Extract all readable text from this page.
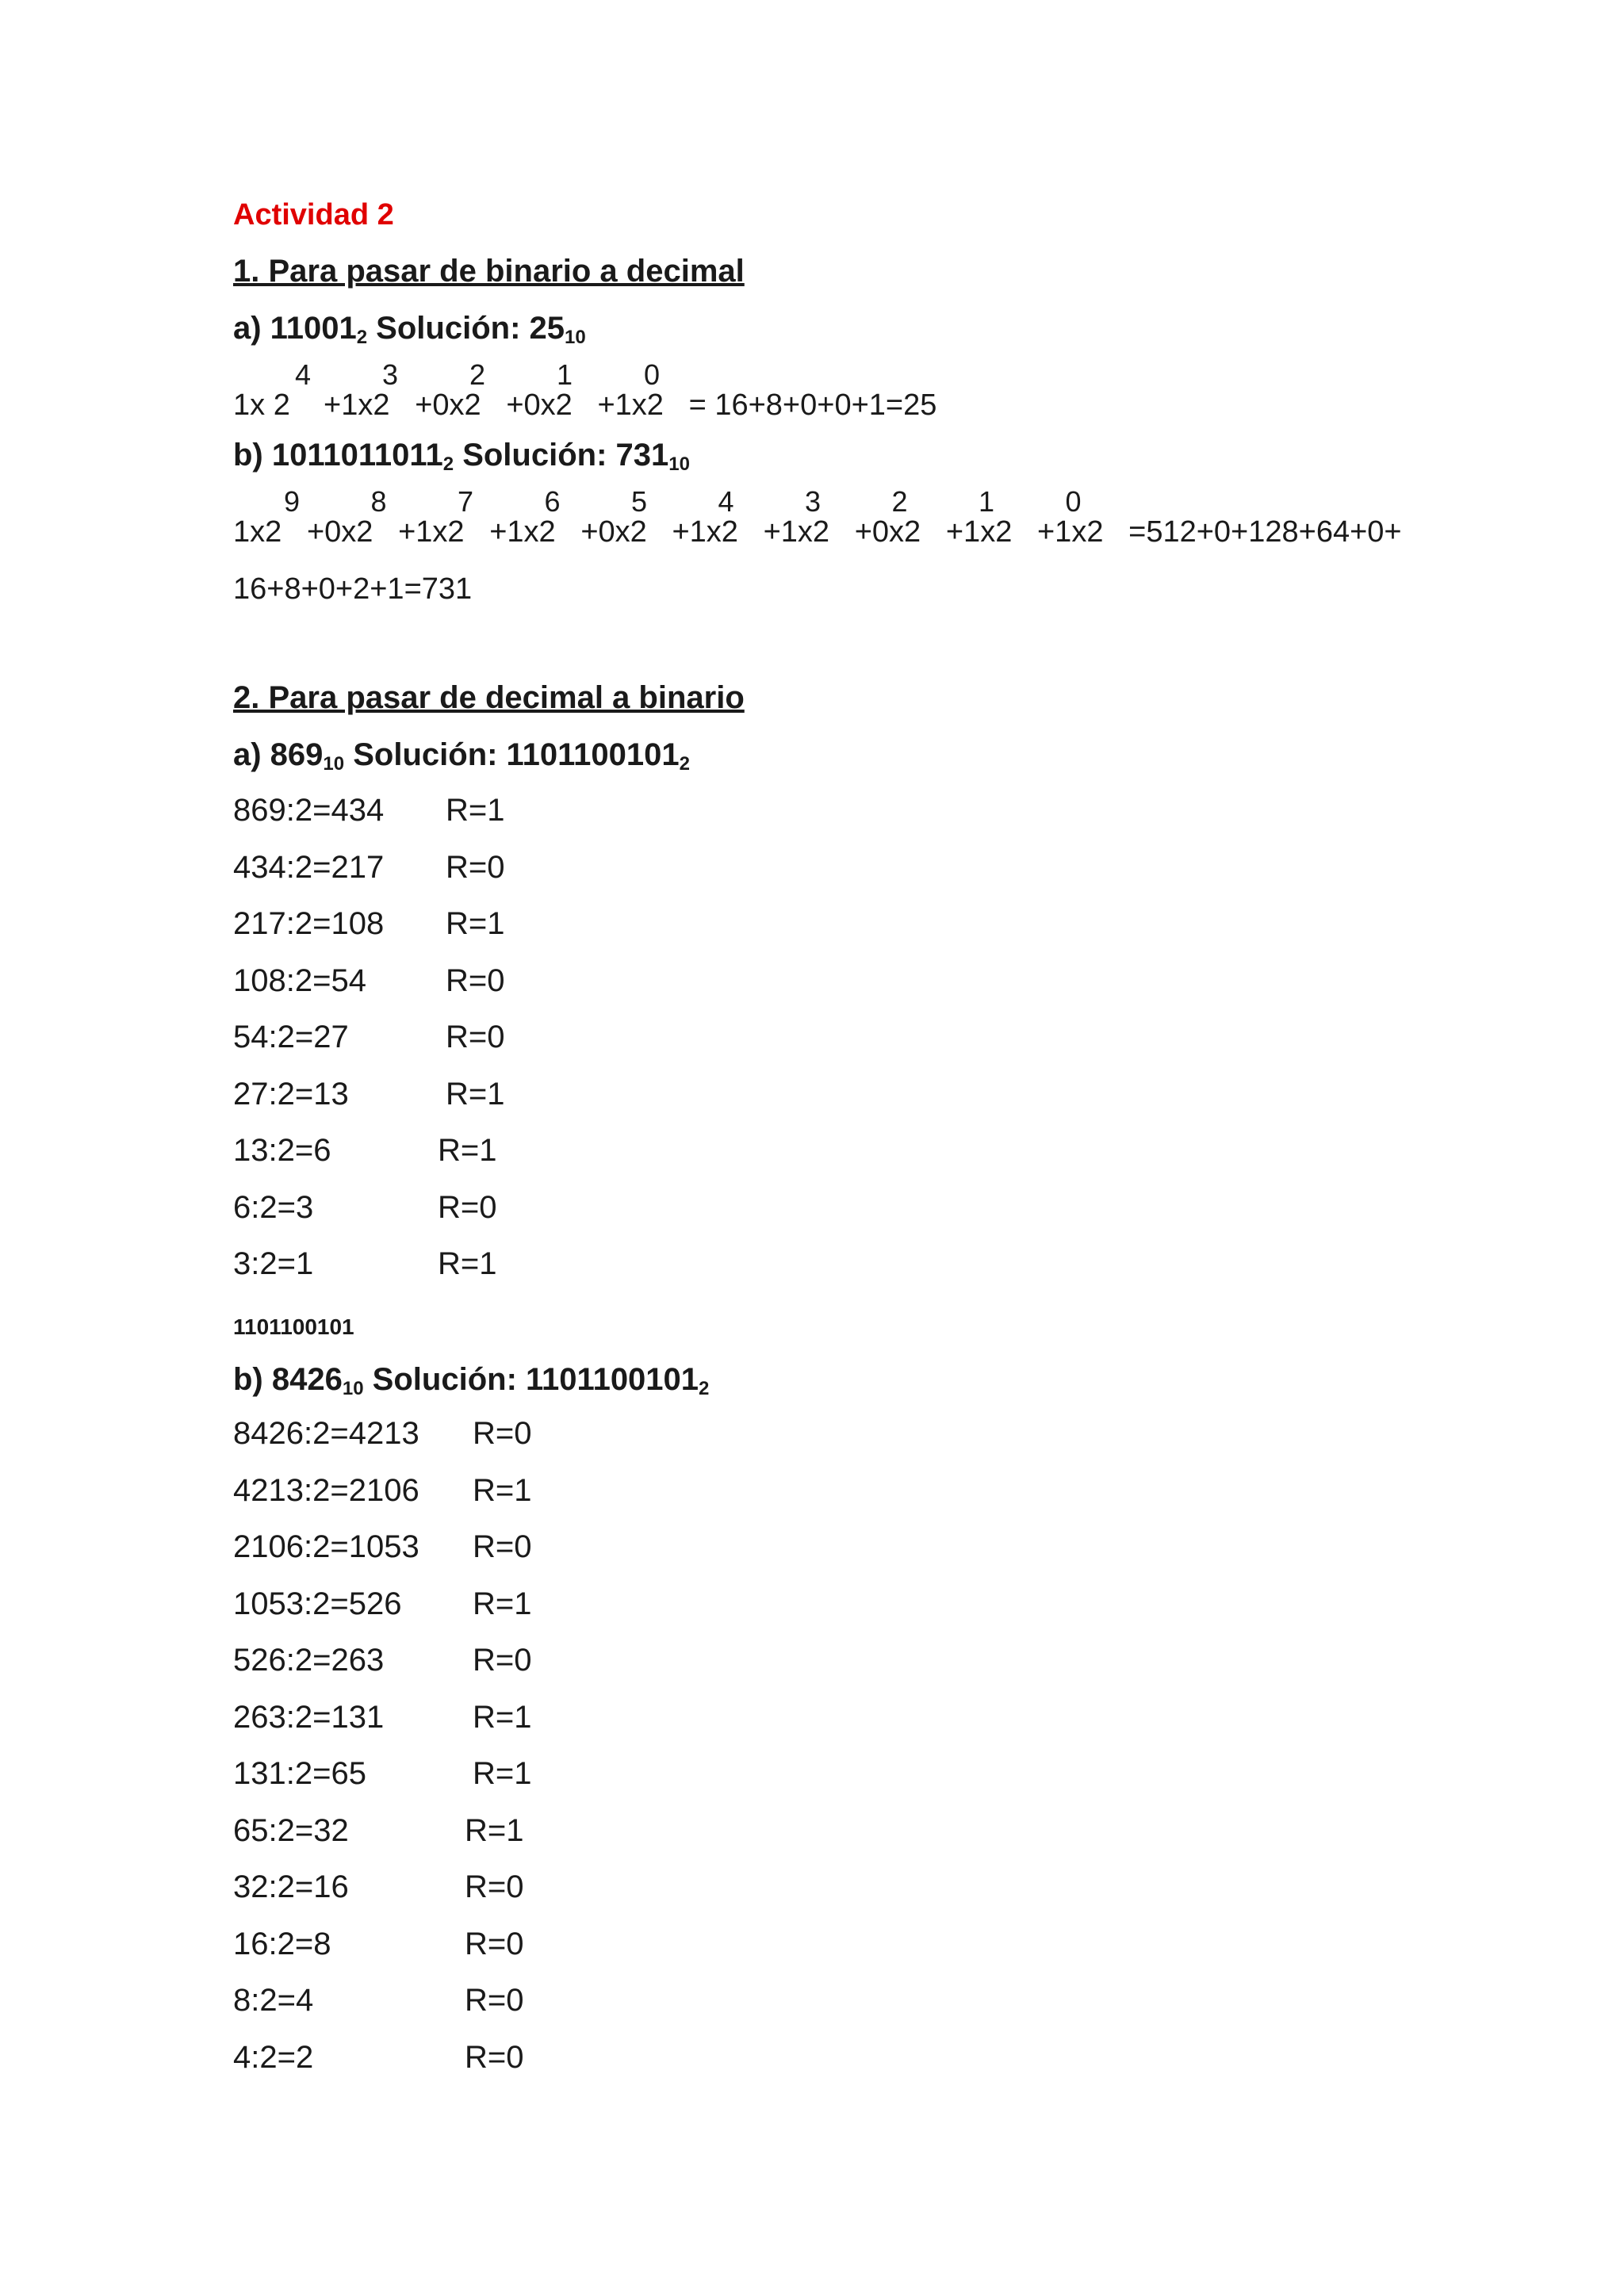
Actividad 2
1. Para pasar de binario a decimal
a) $11001_2$ Solución: $25_{10}$
4 3 2 1 0
1x 2    +1x2   +0x2   +0x2   +1x2   = 16+8+0+0+1=25
b) $1011011011_2$ Solución: $731_{10}$
9 8 7 6 5 4 3 2 1 0
1x2   +0x2   +1x2   +1x2   +0x2   +1x2   +1x2   +0x2   +1x2   +1x2   =512+0+128+64+0+
16+8+0+2+1=731
2. Para pasar de decimal a binario
a) $869_{10}$ Solución: $1101100101_2$
869:2=434 R=1
434:2=217 R=0
217:2=108 R=1
108:2=54	R=0
54:2=27	R=0
27:2=13	R=1
13:2=6	R=1
6:2=3	R=0
3:2=1	R=1
1101100101
b) $8426_{10}$ Solución: $1101100101_2$
8426:2=4213 R=0
4213:2=2106 R=1
2106:2=1053 R=0
1053:2=526 R=1
526:2=263	R=0
263:2=131	R=1
131:2=65	R=1
65:2=32	R=1
32:2=16	R=0
16:2=8	R=0
8:2=4	R=0
4:2=2	R=0
